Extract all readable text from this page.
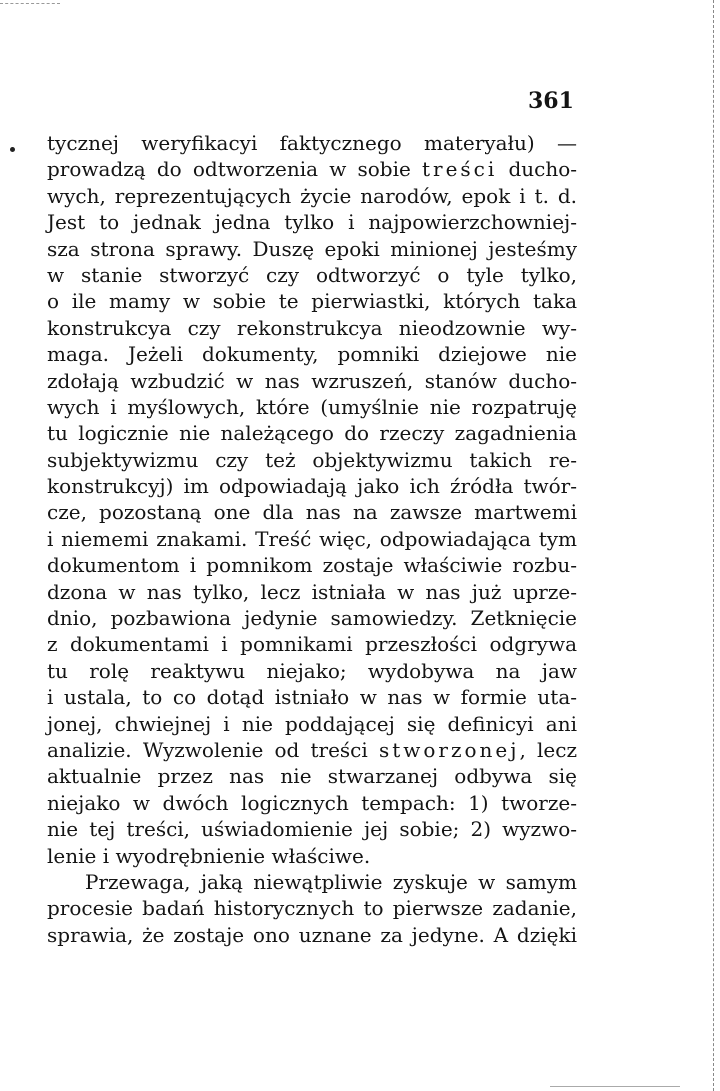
361
tycznej weryfikacyi faktycznego materyału) —
prowadzą do odtworzenia w sobie treści ducho-
wych, reprezentujących życie narodów, epok i t. d.
Jest to jednak jedna tylko i najpowierzchowniej-
sza strona sprawy. Duszę epoki minionej jesteśmy
w stanie stworzyć czy odtworzyć o tyle tylko,
o ile mamy w sobie te pierwiastki, których taka
konstrukcya czy rekonstrukcya nieodzownie wy-
maga. Jeżeli dokumenty, pomniki dziejowe nie
zdołają wzbudzić w nas wzruszeń, stanów ducho-
wych i myślowych, które (umyślnie nie rozpatruję
tu logicznie nie należącego do rzeczy zagadnienia
subjektywizmu czy też objektywizmu takich re-
konstrukcyj) im odpowiadają jako ich źródła twór-
cze, pozostaną one dla nas na zawsze martwemi
i niememi znakami. Treść więc, odpowiadająca tym
dokumentom i pomnikom zostaje właściwie rozbu-
dzona w nas tylko, lecz istniała w nas już uprze-
dnio, pozbawiona jedynie samowiedzy. Zetknięcie
z dokumentami i pomnikami przeszłości odgrywa
tu rolę reaktywu niejako; wydobywa na jaw
i ustala, to co dotąd istniało w nas w formie uta-
jonej, chwiejnej i nie poddającej się definicyi ani
analizie. Wyzwolenie od treści stworzonej, lecz
aktualnie przez nas nie stwarzanej odbywa się
niejako w dwóch logicznych tempach: 1) tworze-
nie tej treści, uświadomienie jej sobie; 2) wyzwo-
lenie i wyodrębnienie właściwe.
Przewaga, jaką niewątpliwie zyskuje w samym
procesie badań historycznych to pierwsze zadanie,
sprawia, że zostaje ono uznane za jedyne. A dzięki
